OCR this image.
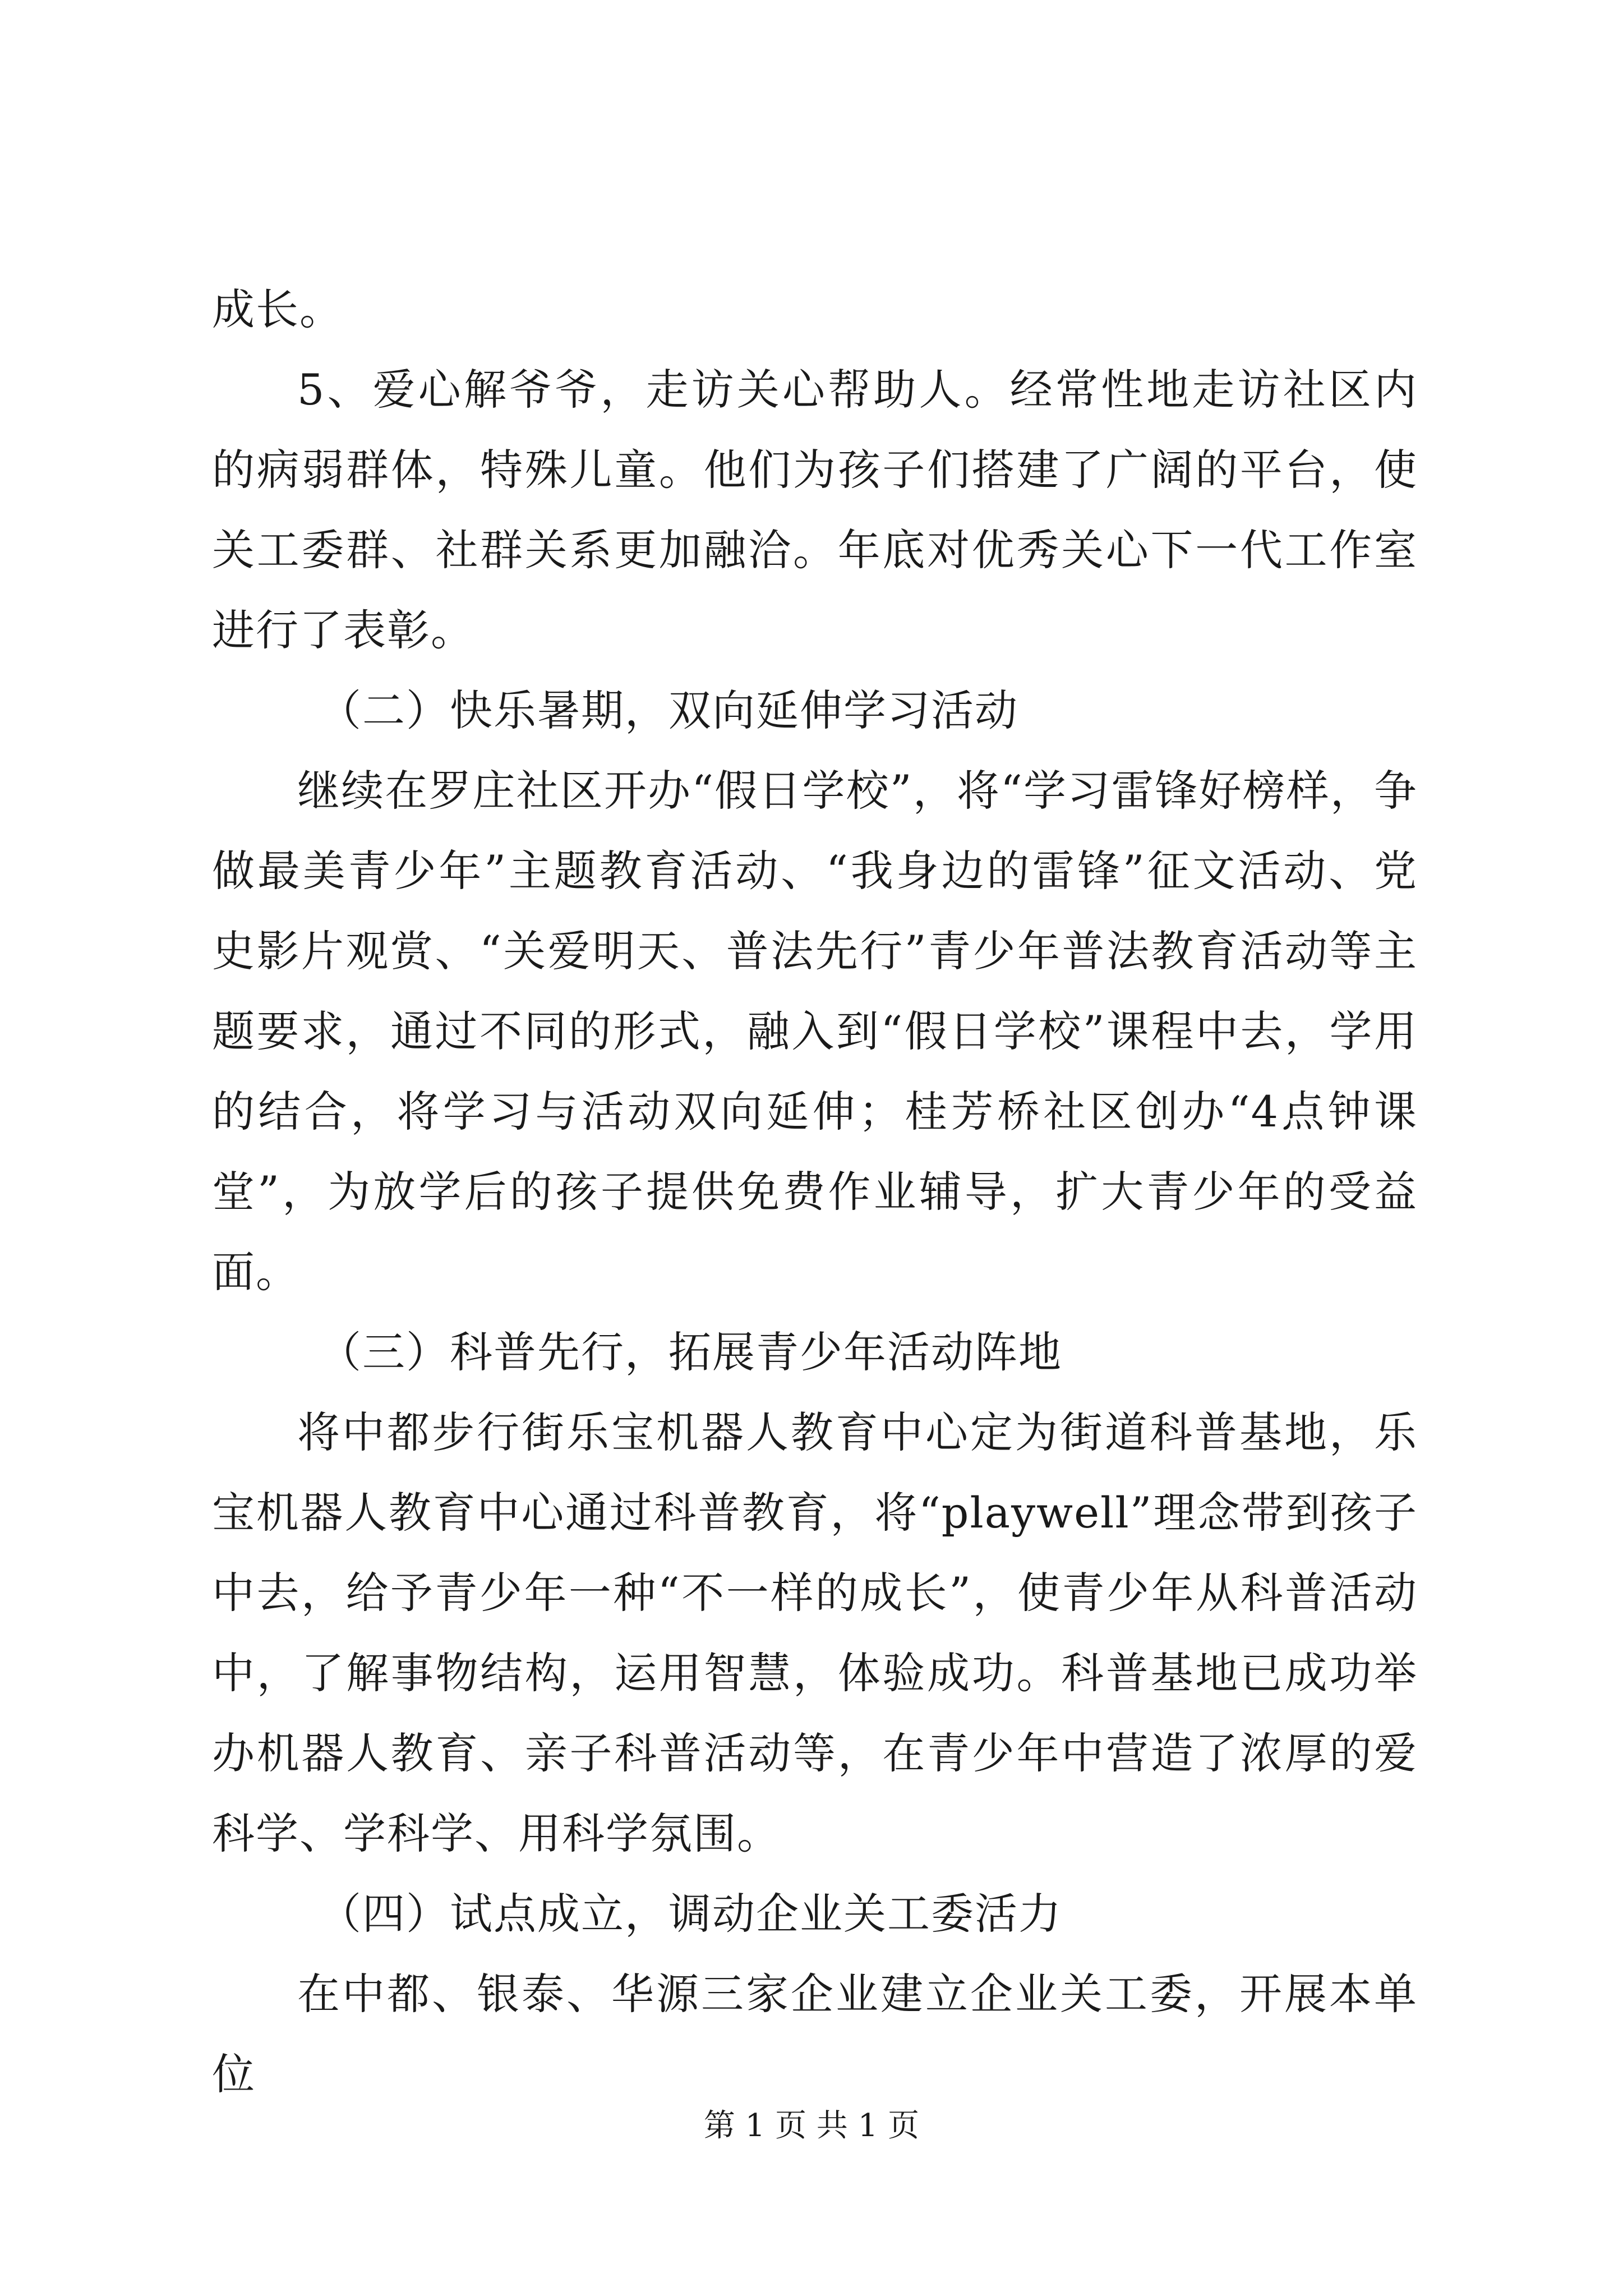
成长。

5、爱心解爷爷，走访关心帮助人。经常性地走访社区内的病弱群体，特殊儿童。他们为孩子们搭建了广阔的平台，使关工委群、社群关系更加融洽。年底对优秀关心下一代工作室进行了表彰。

（二）快乐暑期，双向延伸学习活动

继续在罗庄社区开办“假日学校”，将“学习雷锋好榜样，争做最美青少年”主题教育活动、“我身边的雷锋”征文活动、党史影片观赏、“关爱明天、普法先行”青少年普法教育活动等主题要求，通过不同的形式，融入到“假日学校”课程中去，学用的结合，将学习与活动双向延伸；桂芳桥社区创办“4点钟课堂”，为放学后的孩子提供免费作业辅导，扩大青少年的受益面。

（三）科普先行，拓展青少年活动阵地

将中都步行街乐宝机器人教育中心定为街道科普基地，乐宝机器人教育中心通过科普教育，将“playwell”理念带到孩子中去，给予青少年一种“不一样的成长”，使青少年从科普活动中，了解事物结构，运用智慧，体验成功。科普基地已成功举办机器人教育、亲子科普活动等，在青少年中营造了浓厚的爱科学、学科学、用科学氛围。

（四）试点成立，调动企业关工委活力

在中都、银泰、华源三家企业建立企业关工委，开展本单位

第 1 页 共 1 页
